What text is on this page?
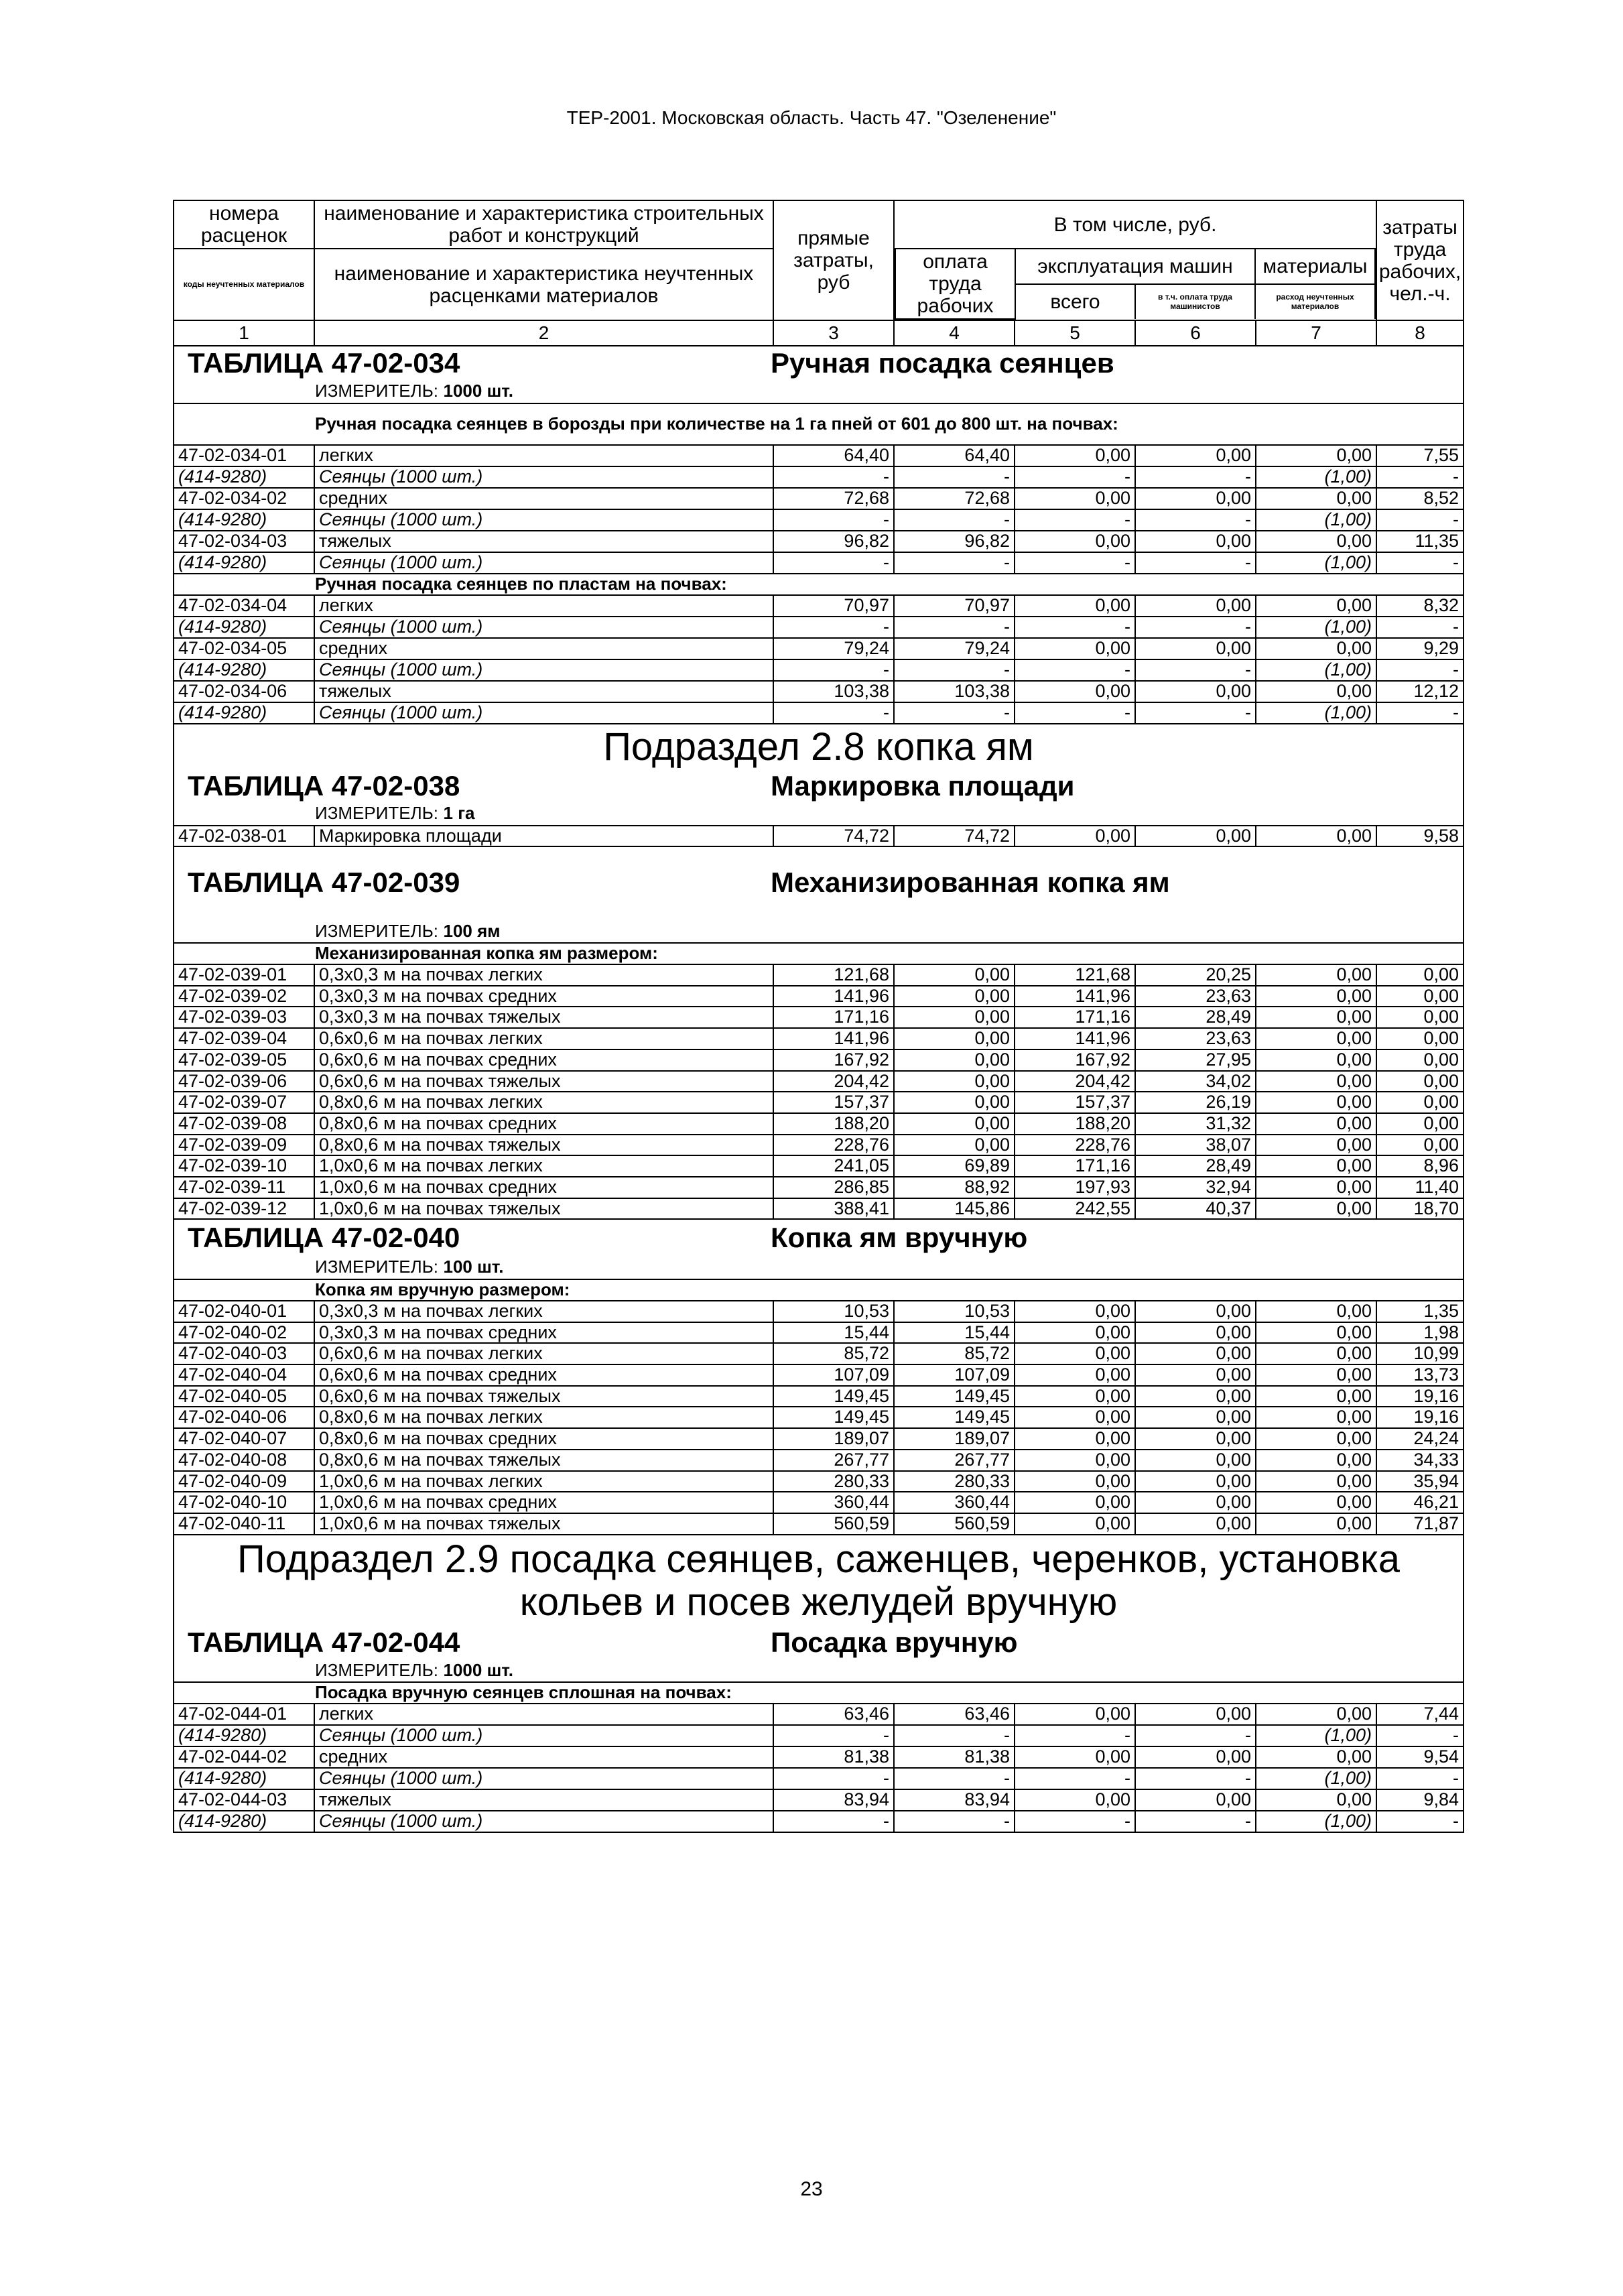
ТЕР-2001. Московская область. Часть 47. "Озеленение"
номера расценок	наименование и характеристика строительных работ и конструкций	прямые затраты, руб	В том числе, руб.	затраты труда рабочих, чел.-ч.
коды неучтенных материалов	наименование и характеристика неучтенных расценками материалов	
оплата труда рабочих	эксплуатация машин	материалы
всего	в т.ч. оплата труда машинистов	расход неучтенных материалов

1	2	3	4	5	6	7	8
ТАБЛИЦА 47-02-034	Ручная посадка сеянцев
ИЗМЕРИТЕЛЬ: 1000 шт.
Ручная посадка сеянцев в борозды при количестве на 1 га пней от 601 до 800 шт. на почвах:
47-02-034-01	легких	64,40	64,40	0,00	0,00	0,00	7,55
(414-9280)	Сеянцы (1000 шт.)	-	-	-	-	(1,00)	-
47-02-034-02	средних	72,68	72,68	0,00	0,00	0,00	8,52
(414-9280)	Сеянцы (1000 шт.)	-	-	-	-	(1,00)	-
47-02-034-03	тяжелых	96,82	96,82	0,00	0,00	0,00	11,35
(414-9280)	Сеянцы (1000 шт.)	-	-	-	-	(1,00)	-
Ручная посадка сеянцев по пластам на почвах:
47-02-034-04	легких	70,97	70,97	0,00	0,00	0,00	8,32
(414-9280)	Сеянцы (1000 шт.)	-	-	-	-	(1,00)	-
47-02-034-05	средних	79,24	79,24	0,00	0,00	0,00	9,29
(414-9280)	Сеянцы (1000 шт.)	-	-	-	-	(1,00)	-
47-02-034-06	тяжелых	103,38	103,38	0,00	0,00	0,00	12,12
(414-9280)	Сеянцы (1000 шт.)	-	-	-	-	(1,00)	-
Подраздел 2.8 копка ям
ТАБЛИЦА 47-02-038	Маркировка площади
ИЗМЕРИТЕЛЬ: 1 га
47-02-038-01	Маркировка площади	74,72	74,72	0,00	0,00	0,00	9,58

ТАБЛИЦА 47-02-039	Механизированная копка ям

ИЗМЕРИТЕЛЬ: 100 ям
Механизированная копка ям размером:
47-02-039-01	0,3х0,3 м на почвах легких	121,68	0,00	121,68	20,25	0,00	0,00
47-02-039-02	0,3х0,3 м на почвах средних	141,96	0,00	141,96	23,63	0,00	0,00
47-02-039-03	0,3х0,3 м на почвах тяжелых	171,16	0,00	171,16	28,49	0,00	0,00
47-02-039-04	0,6х0,6 м на почвах легких	141,96	0,00	141,96	23,63	0,00	0,00
47-02-039-05	0,6х0,6 м на почвах средних	167,92	0,00	167,92	27,95	0,00	0,00
47-02-039-06	0,6х0,6 м на почвах тяжелых	204,42	0,00	204,42	34,02	0,00	0,00
47-02-039-07	0,8х0,6 м на почвах легких	157,37	0,00	157,37	26,19	0,00	0,00
47-02-039-08	0,8х0,6 м на почвах средних	188,20	0,00	188,20	31,32	0,00	0,00
47-02-039-09	0,8х0,6 м на почвах тяжелых	228,76	0,00	228,76	38,07	0,00	0,00
47-02-039-10	1,0х0,6 м на почвах легких	241,05	69,89	171,16	28,49	0,00	8,96
47-02-039-11	1,0х0,6 м на почвах средних	286,85	88,92	197,93	32,94	0,00	11,40
47-02-039-12	1,0х0,6 м на почвах тяжелых	388,41	145,86	242,55	40,37	0,00	18,70
ТАБЛИЦА 47-02-040	Копка ям вручную
ИЗМЕРИТЕЛЬ: 100 шт.
Копка ям вручную размером:
47-02-040-01	0,3х0,3 м на почвах легких	10,53	10,53	0,00	0,00	0,00	1,35
47-02-040-02	0,3х0,3 м на почвах средних	15,44	15,44	0,00	0,00	0,00	1,98
47-02-040-03	0,6х0,6 м на почвах легких	85,72	85,72	0,00	0,00	0,00	10,99
47-02-040-04	0,6х0,6 м на почвах средних	107,09	107,09	0,00	0,00	0,00	13,73
47-02-040-05	0,6х0,6 м на почвах тяжелых	149,45	149,45	0,00	0,00	0,00	19,16
47-02-040-06	0,8х0,6 м на почвах легких	149,45	149,45	0,00	0,00	0,00	19,16
47-02-040-07	0,8х0,6 м на почвах средних	189,07	189,07	0,00	0,00	0,00	24,24
47-02-040-08	0,8х0,6 м на почвах тяжелых	267,77	267,77	0,00	0,00	0,00	34,33
47-02-040-09	1,0х0,6 м на почвах легких	280,33	280,33	0,00	0,00	0,00	35,94
47-02-040-10	1,0х0,6 м на почвах средних	360,44	360,44	0,00	0,00	0,00	46,21
47-02-040-11	1,0х0,6 м на почвах тяжелых	560,59	560,59	0,00	0,00	0,00	71,87

Подраздел 2.9 посадка сеянцев, саженцев, черенков, установка
кольев и посев желудей вручную

ТАБЛИЦА 47-02-044	Посадка вручную
ИЗМЕРИТЕЛЬ: 1000 шт.
Посадка вручную сеянцев сплошная на почвах:
47-02-044-01	легких	63,46	63,46	0,00	0,00	0,00	7,44
(414-9280)	Сеянцы (1000 шт.)	-	-	-	-	(1,00)	-
47-02-044-02	средних	81,38	81,38	0,00	0,00	0,00	9,54
(414-9280)	Сеянцы (1000 шт.)	-	-	-	-	(1,00)	-
47-02-044-03	тяжелых	83,94	83,94	0,00	0,00	0,00	9,84
(414-9280)	Сеянцы (1000 шт.)	-	-	-	-	(1,00)	-
23
